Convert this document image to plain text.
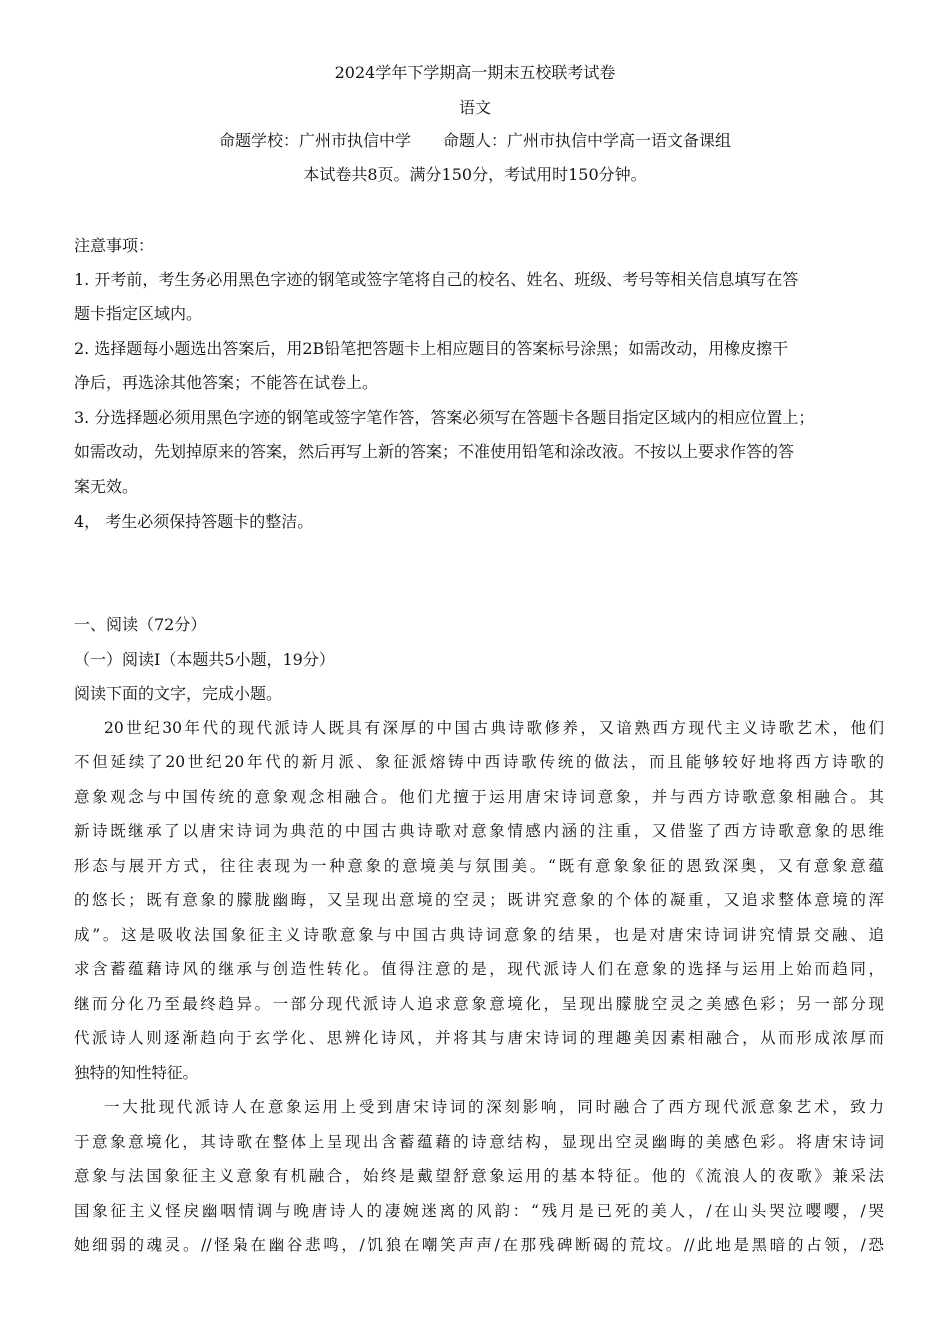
2024学年下学期高一期末五校联考试卷
语文
命题学校：广州市执信中学　　命题人：广州市执信中学高一语文备课组
本试卷共8页。满分150分，考试用时150分钟。
注意事项：
1. 开考前，考生务必用黑色字迹的钢笔或签字笔将自己的校名、姓名、班级、考号等相关信息填写在答
题卡指定区域内。
2. 选择题每小题选出答案后，用2B铅笔把答题卡上相应题目的答案标号涂黑；如需改动，用橡皮擦干
净后，再选涂其他答案；不能答在试卷上。
3. 分选择题必须用黑色字迹的钢笔或签字笔作答，答案必须写在答题卡各题目指定区域内的相应位置上；
如需改动，先划掉原来的答案，然后再写上新的答案；不准使用铅笔和涂改液。不按以上要求作答的答
案无效。
4， 考生必须保持答题卡的整洁。
一、阅读（72分）
（一）阅读Ⅰ（本题共5小题，19分）
阅读下面的文字，完成小题。
20世纪30年代的现代派诗人既具有深厚的中国古典诗歌修养，又谙熟西方现代主义诗歌艺术，他们
不但延续了20世纪20年代的新月派、象征派熔铸中西诗歌传统的做法，而且能够较好地将西方诗歌的
意象观念与中国传统的意象观念相融合。他们尤擅于运用唐宋诗词意象，并与西方诗歌意象相融合。其
新诗既继承了以唐宋诗词为典范的中国古典诗歌对意象情感内涵的注重，又借鉴了西方诗歌意象的思维
形态与展开方式，往往表现为一种意象的意境美与氛围美。“既有意象象征的恩致深奥，又有意象意蕴
的悠长；既有意象的朦胧幽晦，又呈现出意境的空灵；既讲究意象的个体的凝重，又追求整体意境的浑
成”。这是吸收法国象征主义诗歌意象与中国古典诗词意象的结果，也是对唐宋诗词讲究情景交融、追
求含蓄蕴藉诗风的继承与创造性转化。值得注意的是，现代派诗人们在意象的选择与运用上始而趋同，
继而分化乃至最终趋异。一部分现代派诗人追求意象意境化，呈现出朦胧空灵之美感色彩；另一部分现
代派诗人则逐渐趋向于玄学化、思辨化诗风，并将其与唐宋诗词的理趣美因素相融合，从而形成浓厚而
独特的知性特征。
一大批现代派诗人在意象运用上受到唐宋诗词的深刻影响，同时融合了西方现代派意象艺术，致力
于意象意境化，其诗歌在整体上呈现出含蓄蕴藉的诗意结构，显现出空灵幽晦的美感色彩。将唐宋诗词
意象与法国象征主义意象有机融合，始终是戴望舒意象运用的基本特征。他的《流浪人的夜歌》兼采法
国象征主义怪戾幽咽情调与晚唐诗人的凄婉迷离的风韵：“残月是已死的美人，/在山头哭泣嘤嘤，/哭
她细弱的魂灵。//怪枭在幽谷悲鸣，/饥狼在嘲笑声声/在那残碑断碣的荒坟。//此地是黑暗的占领，/恐
